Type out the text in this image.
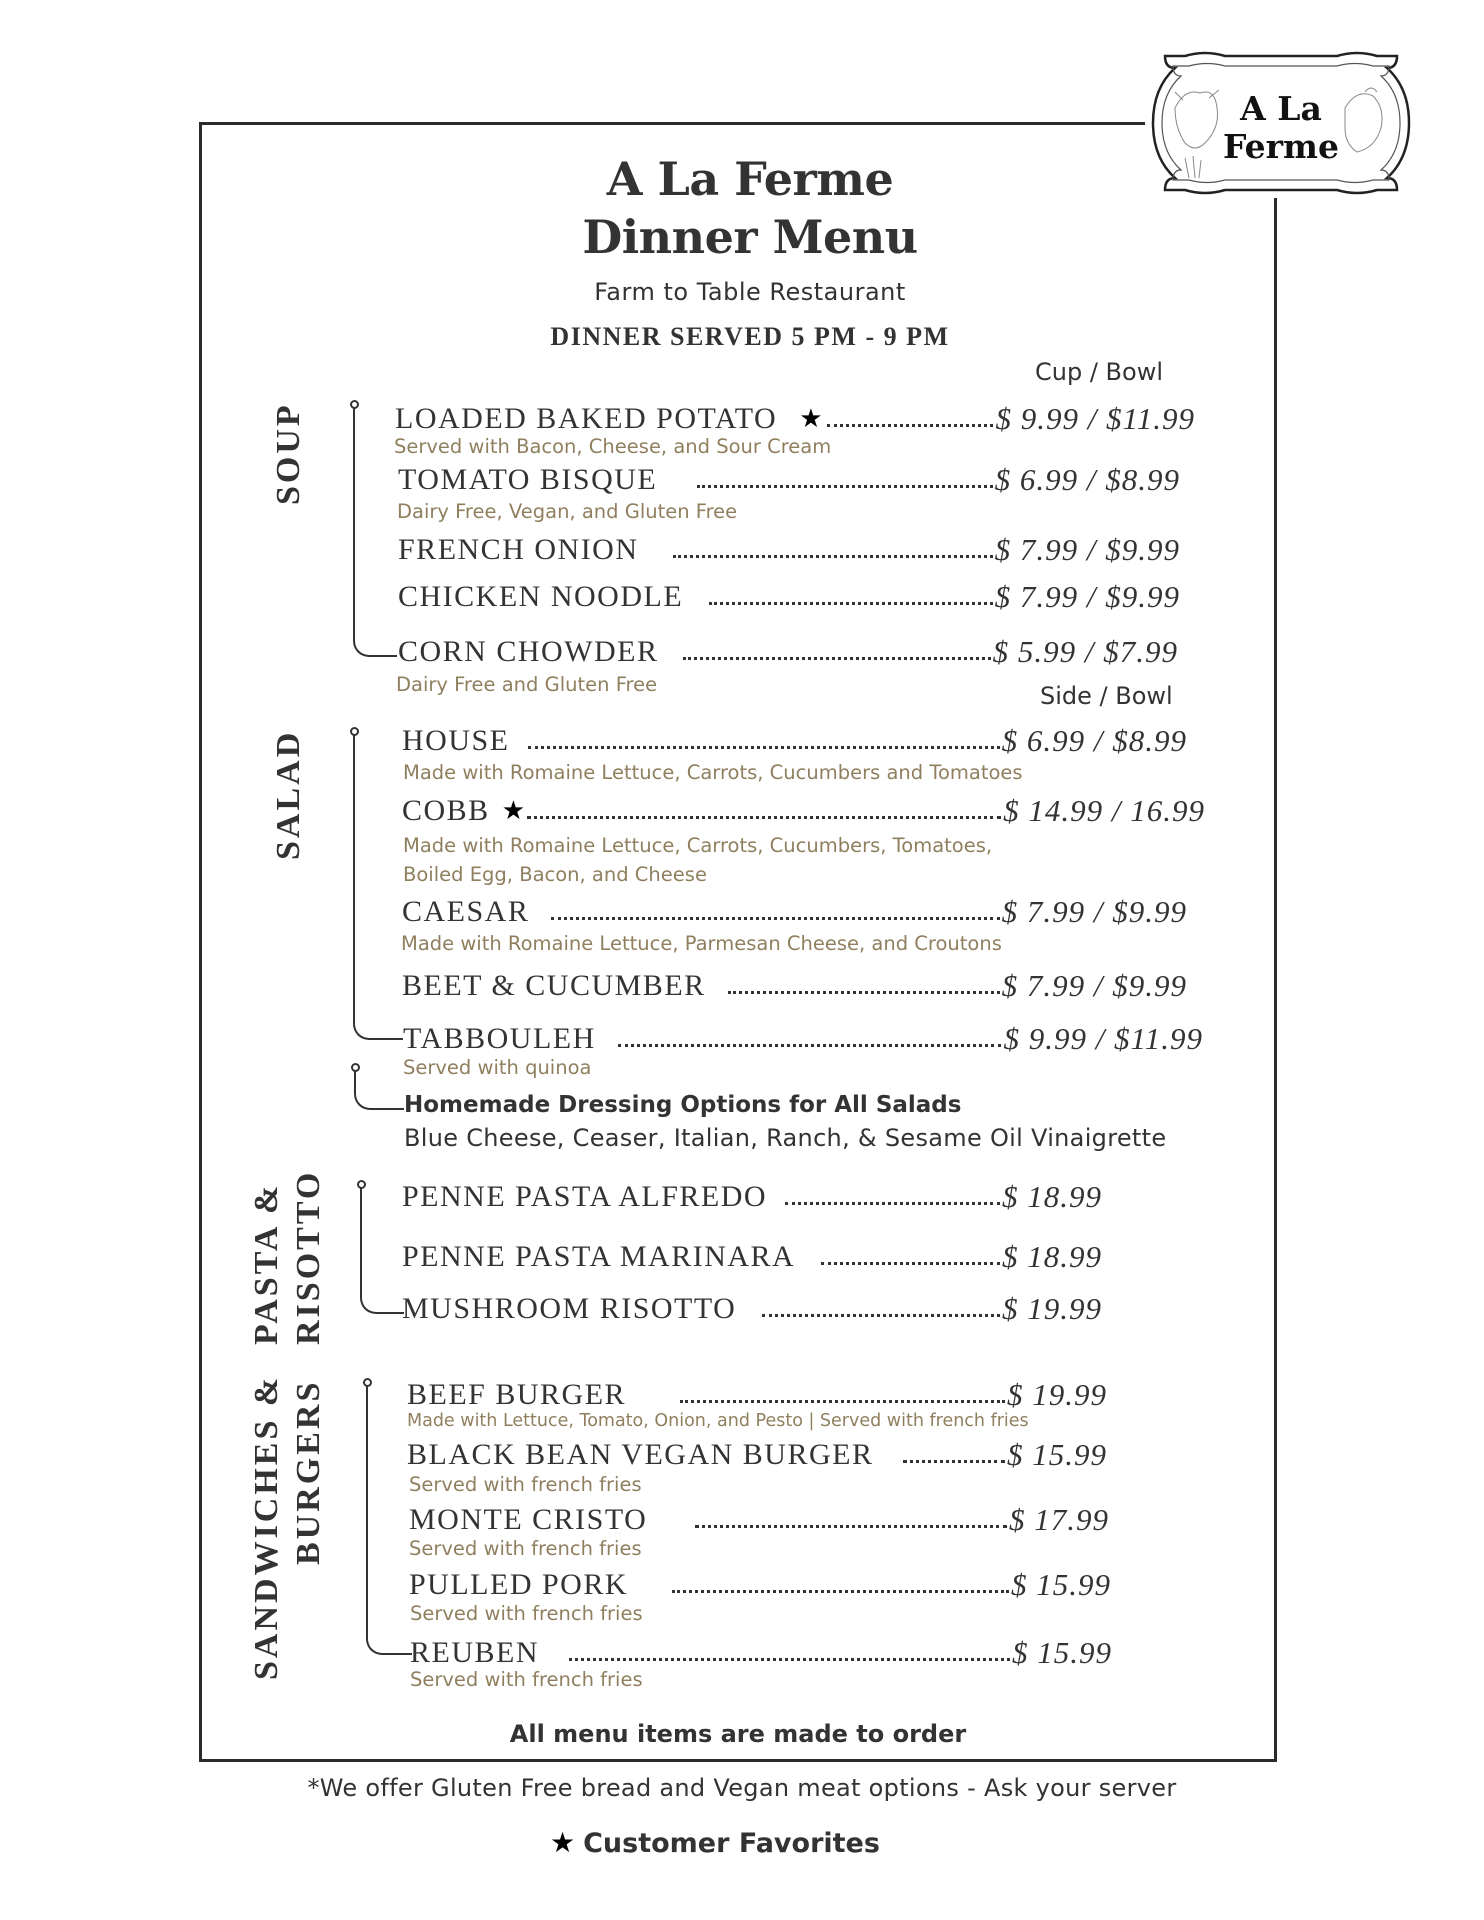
A La
Ferme
A La Ferme
Dinner Menu
Farm to Table Restaurant
DINNER SERVED 5 PM - 9 PM
Cup / Bowl
SOUP	LOADED BAKED POTATO ★	$ 9.99 / $11.99
Served with Bacon, Cheese, and Sour Cream
TOMATO BISQUE	$ 6.99 / $8.99
Dairy Free, Vegan, and Gluten Free
FRENCH ONION	$ 7.99 / $9.99
CHICKEN NOODLE	$ 7.99 / $9.99
CORN CHOWDER	$ 5.99 / $7.99
Dairy Free and Gluten Free	Side / Bowl
SALAD	HOUSE	$ 6.99 / $8.99
Made with Romaine Lettuce, Carrots, Cucumbers and Tomatoes
COBB ★	$ 14.99 / 16.99
Made with Romaine Lettuce, Carrots, Cucumbers, Tomatoes,
Boiled Egg, Bacon, and Cheese
CAESAR	$ 7.99 / $9.99
Made with Romaine Lettuce, Parmesan Cheese, and Croutons
BEET & CUCUMBER	$ 7.99 / $9.99
TABBOULEH	$ 9.99 / $11.99
Served with quinoa
Homemade Dressing Options for All Salads
Blue Cheese, Ceaser, Italian, Ranch, & Sesame Oil Vinaigrette
PASTA & RISOTTO	PENNE PASTA ALFREDO	$ 18.99
PENNE PASTA MARINARA	$ 18.99
MUSHROOM RISOTTO	$ 19.99
SANDWICHES & BURGERS	BEEF BURGER	$ 19.99
Made with Lettuce, Tomato, Onion, and Pesto | Served with french fries
BLACK BEAN VEGAN BURGER	$ 15.99
Served with french fries
MONTE CRISTO	$ 17.99
Served with french fries
PULLED PORK	$ 15.99
Served with french fries
REUBEN	$ 15.99
Served with french fries
All menu items are made to order
*We offer Gluten Free bread and Vegan meat options - Ask your server
★ Customer Favorites
